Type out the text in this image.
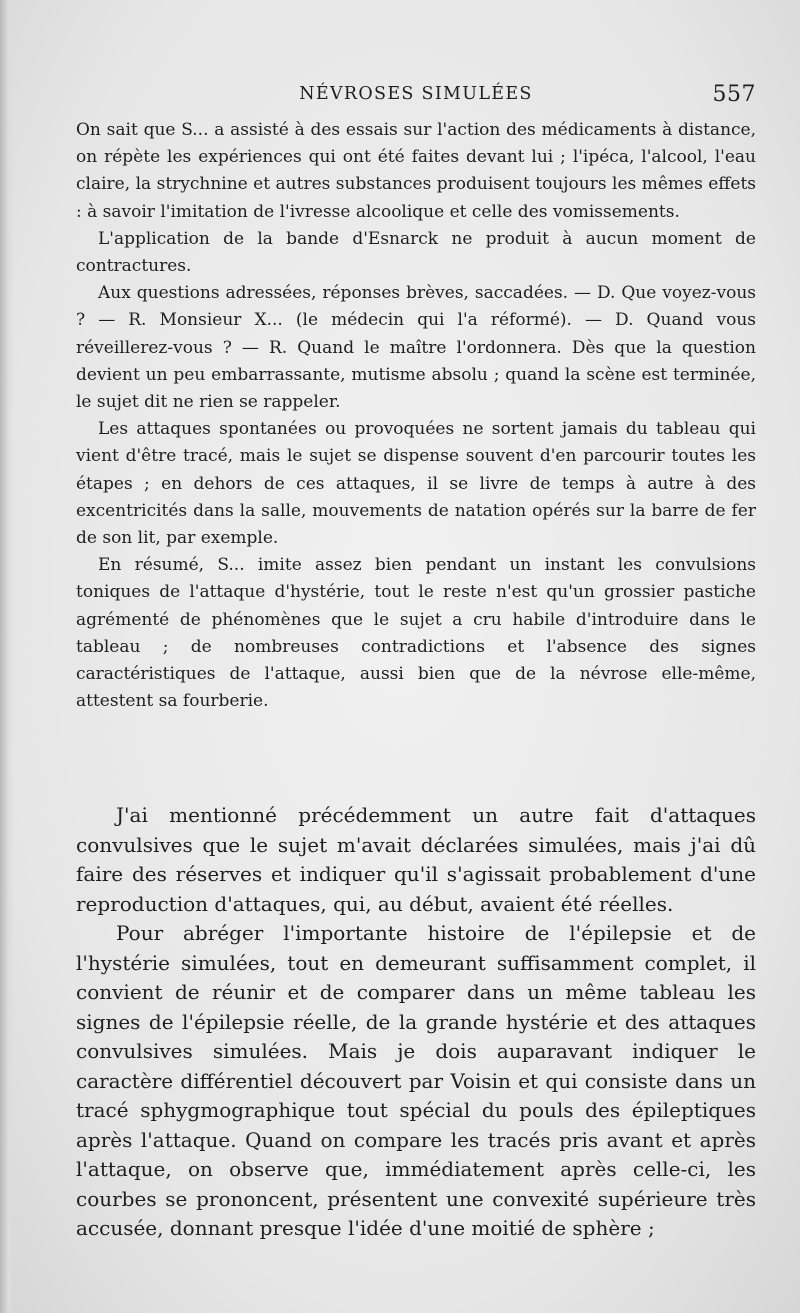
NÉVROSES SIMULÉES	557

On sait que S... a assisté à des essais sur l'action des médicaments à distance, on répète les expériences qui ont été faites devant lui ; l'ipéca, l'alcool, l'eau claire, la strychnine et autres substances produisent toujours les mêmes effets : à savoir l'imitation de l'ivresse alcoolique et celle des vomissements.

L'application de la bande d'Esnarck ne produit à aucun moment de contractures.

Aux questions adressées, réponses brèves, saccadées. — D. Que voyez-vous ? — R. Monsieur X... (le médecin qui l'a réformé). — D. Quand vous réveillerez-vous ? — R. Quand le maître l'ordonnera. Dès que la question devient un peu embarrassante, mutisme absolu ; quand la scène est terminée, le sujet dit ne rien se rappeler.

Les attaques spontanées ou provoquées ne sortent jamais du tableau qui vient d'être tracé, mais le sujet se dispense souvent d'en parcourir toutes les étapes ; en dehors de ces attaques, il se livre de temps à autre à des excentricités dans la salle, mouvements de natation opérés sur la barre de fer de son lit, par exemple.

En résumé, S... imite assez bien pendant un instant les convulsions toniques de l'attaque d'hystérie, tout le reste n'est qu'un grossier pastiche agrémenté de phénomènes que le sujet a cru habile d'introduire dans le tableau ; de nombreuses contradictions et l'absence des signes caractéristiques de l'attaque, aussi bien que de la névrose elle-même, attestent sa fourberie.

J'ai mentionné précédemment un autre fait d'attaques convulsives que le sujet m'avait déclarées simulées, mais j'ai dû faire des réserves et indiquer qu'il s'agissait probablement d'une reproduction d'attaques, qui, au début, avaient été réelles.

Pour abréger l'importante histoire de l'épilepsie et de l'hystérie simulées, tout en demeurant suffisamment complet, il convient de réunir et de comparer dans un même tableau les signes de l'épilepsie réelle, de la grande hystérie et des attaques convulsives simulées. Mais je dois auparavant indiquer le caractère différentiel découvert par Voisin et qui consiste dans un tracé sphygmographique tout spécial du pouls des épileptiques après l'attaque. Quand on compare les tracés pris avant et après l'attaque, on observe que, immédiatement après celle-ci, les courbes se prononcent, présentent une convexité supérieure très accusée, donnant presque l'idée d'une moitié de sphère ;
